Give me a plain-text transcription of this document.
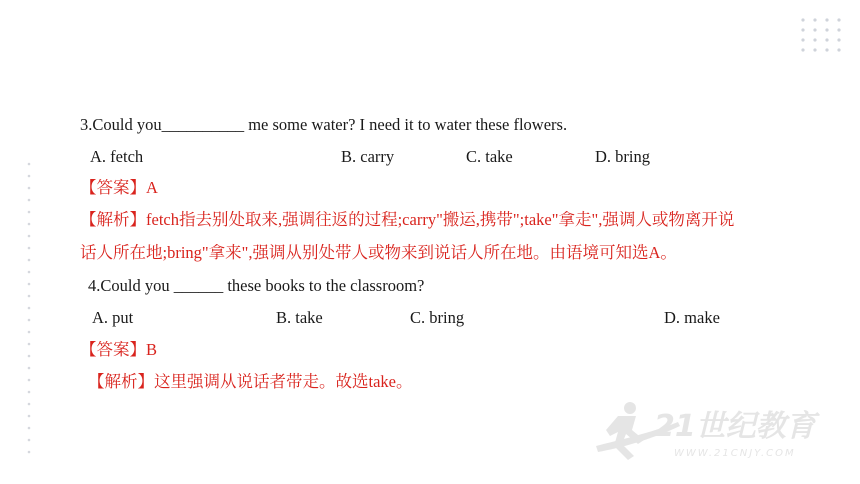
3.Could you__________ me some water? I need it to water these flowers.
A. fetch	B. carry	C. take	D. bring
【答案】A
【解析】fetch指去别处取来,强调往返的过程;carry"搬运,携带";take"拿走",强调人或物离开说
话人所在地;bring"拿来",强调从别处带人或物来到说话人所在地。由语境可知选A。
4.Could you ______ these books to the classroom?
A. put	B. take	C. bring	D. make
【答案】B
【解析】这里强调从说话者带走。故选take。
21世纪教育
WWW.21CNJY.COM
